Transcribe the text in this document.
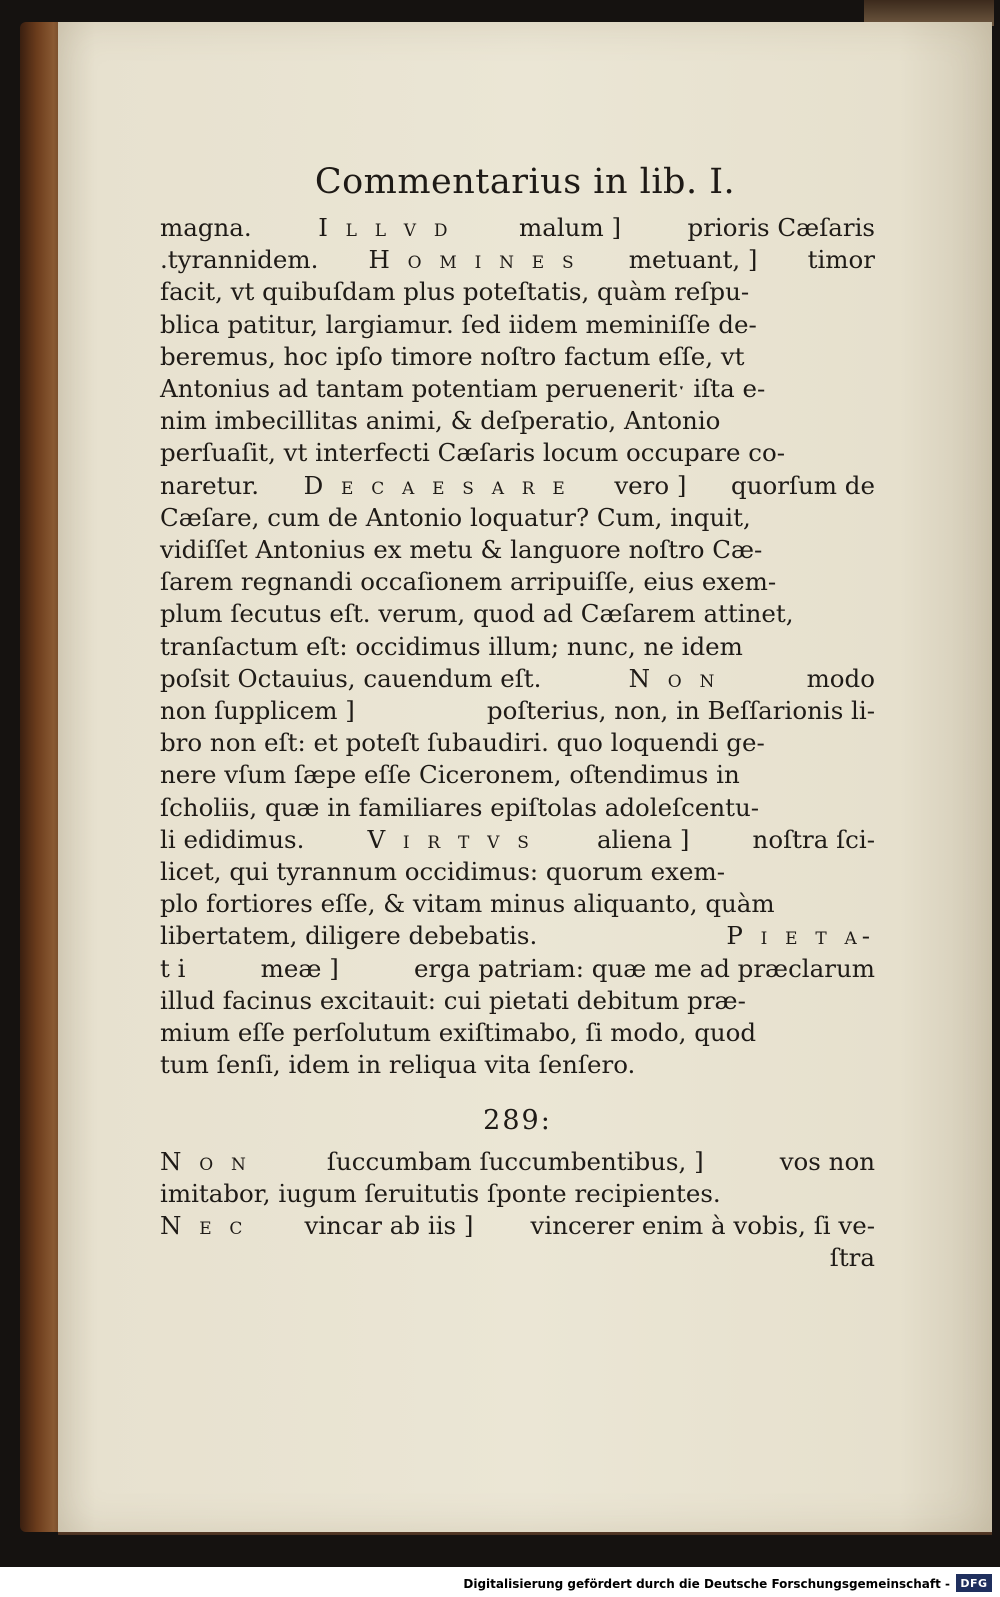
Commentarius in lib. I.
magna.	I l l v d	malum ]	prioris Cæſaris
.tyrannidem. H o m i n e s metuant, ] timor
facit, vt quibuſdam plus poteſtatis, quàm reſpu-
blica patitur, largiamur. ſed iidem meminiſſe de-
beremus, hoc ipſo timore noſtro factum eſſe, vt
Antonius ad tantam potentiam perueneritˑ iſta e-
nim imbecillitas animi, & deſperatio, Antonio
perſuaſit, vt interfecti Cæſaris locum occupare co-
naretur. D e c a e s a r e vero ] quorſum de
Cæſare, cum de Antonio loquatur? Cum, inquit,
vidiſſet Antonius ex metu & languore noſtro Cæ-
ſarem regnandi occaſionem arripuiſſe, eius exem-
plum ſecutus eſt. verum, quod ad Cæſarem attinet,
tranſactum eſt: occidimus illum; nunc, ne idem
poſsit Octauius, cauendum eſt.	N o n	modo
non ſupplicem ]	poſterius, non, in Beſſarionis li-
bro non eſt: et poteſt ſubaudiri. quo loquendi ge-
nere vſum ſæpe eſſe Ciceronem, oſtendimus in
ſcholiis, quæ in familiares epiſtolas adoleſcentu-
li edidimus.	V i r t v s	aliena ]	noſtra ſci-
licet, qui tyrannum occidimus: quorum exem-
plo fortiores eſſe, & vitam minus aliquanto, quàm
libertatem, diligere debebatis.	P i e t a-
t i	meæ ]	erga patriam: quæ me ad præclarum
illud facinus excitauit: cui pietati debitum præ-
mium eſſe perſolutum exiſtimabo, ſi modo, quod
tum ſenſi, idem in reliqua vita ſenſero.
289:
N o n	ſuccumbam ſuccumbentibus, ]	vos non
imitabor, iugum ſeruitutis ſponte recipientes.
N e c vincar ab iis ] vincerer enim à vobis, ſi ve-
ſtra
Digitalisierung gefördert durch die Deutsche Forschungsgemeinschaft - DFG
